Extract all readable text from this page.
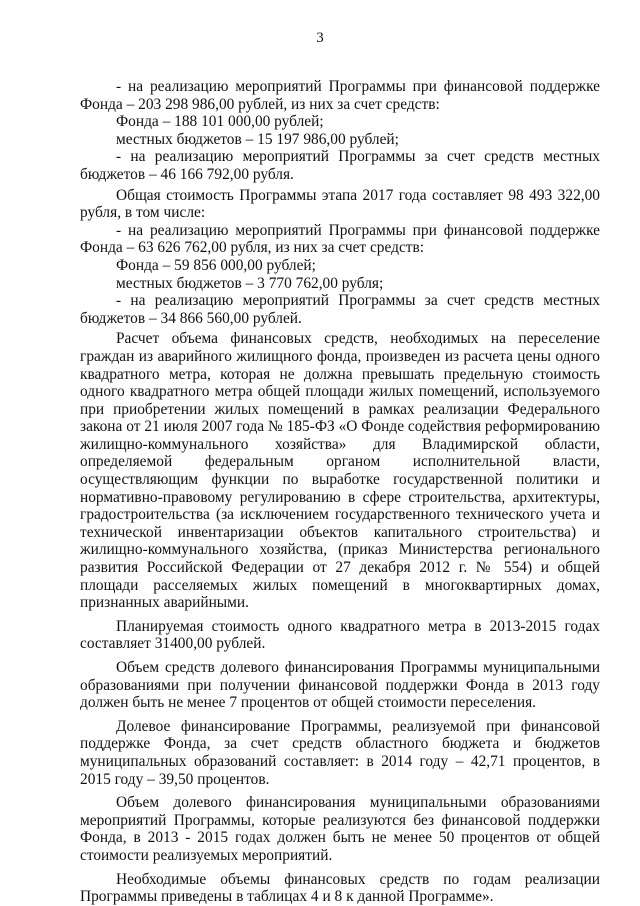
3

- на реализацию мероприятий Программы при финансовой поддержке Фонда – 203 298 986,00 рублей, из них за счет средств:

Фонда – 188 101 000,00 рублей;

местных бюджетов – 15 197 986,00 рублей;

- на реализацию мероприятий Программы за счет средств местных бюджетов – 46 166 792,00 рубля.

Общая стоимость Программы этапа 2017 года составляет 98 493 322,00 рубля, в том числе:

- на реализацию мероприятий Программы при финансовой поддержке Фонда – 63 626 762,00 рубля, из них за счет средств:

Фонда – 59 856 000,00 рублей;

местных бюджетов – 3 770 762,00 рубля;

- на реализацию мероприятий Программы за счет средств местных бюджетов – 34 866 560,00 рублей.

Расчет объема финансовых средств, необходимых на переселение граждан из аварийного жилищного фонда, произведен из расчета цены одного квадратного метра, которая не должна превышать предельную стоимость одного квадратного метра общей площади жилых помещений, используемого при приобретении жилых помещений в рамках реализации Федерального закона от 21 июля 2007 года № 185-ФЗ «О Фонде содействия реформированию жилищно-коммунального хозяйства» для Владимирской области, определяемой федеральным органом исполнительной власти, осуществляющим функции по выработке государственной политики и нормативно-правовому регулированию в сфере строительства, архитектуры, градостроительства (за исключением государственного технического учета и технической инвентаризации объектов капитального строительства) и жилищно-коммунального хозяйства, (приказ Министерства регионального развития Российской Федерации от 27 декабря 2012 г. № 554) и общей площади расселяемых жилых помещений в многоквартирных домах, признанных аварийными.

Планируемая стоимость одного квадратного метра в 2013-2015 годах составляет 31400,00 рублей.

Объем средств долевого финансирования Программы муниципальными образованиями при получении финансовой поддержки Фонда в 2013 году должен быть не менее 7 процентов от общей стоимости переселения.

Долевое финансирование Программы, реализуемой при финансовой поддержке Фонда, за счет средств областного бюджета и бюджетов муниципальных образований составляет: в 2014 году – 42,71 процентов, в 2015 году – 39,50 процентов.

Объем долевого финансирования муниципальными образованиями мероприятий Программы, которые реализуются без финансовой поддержки Фонда, в 2013 - 2015 годах должен быть не менее 50 процентов от общей стоимости реализуемых мероприятий.

Необходимые объемы финансовых средств по годам реализации Программы приведены в таблицах 4 и 8 к данной Программе».
